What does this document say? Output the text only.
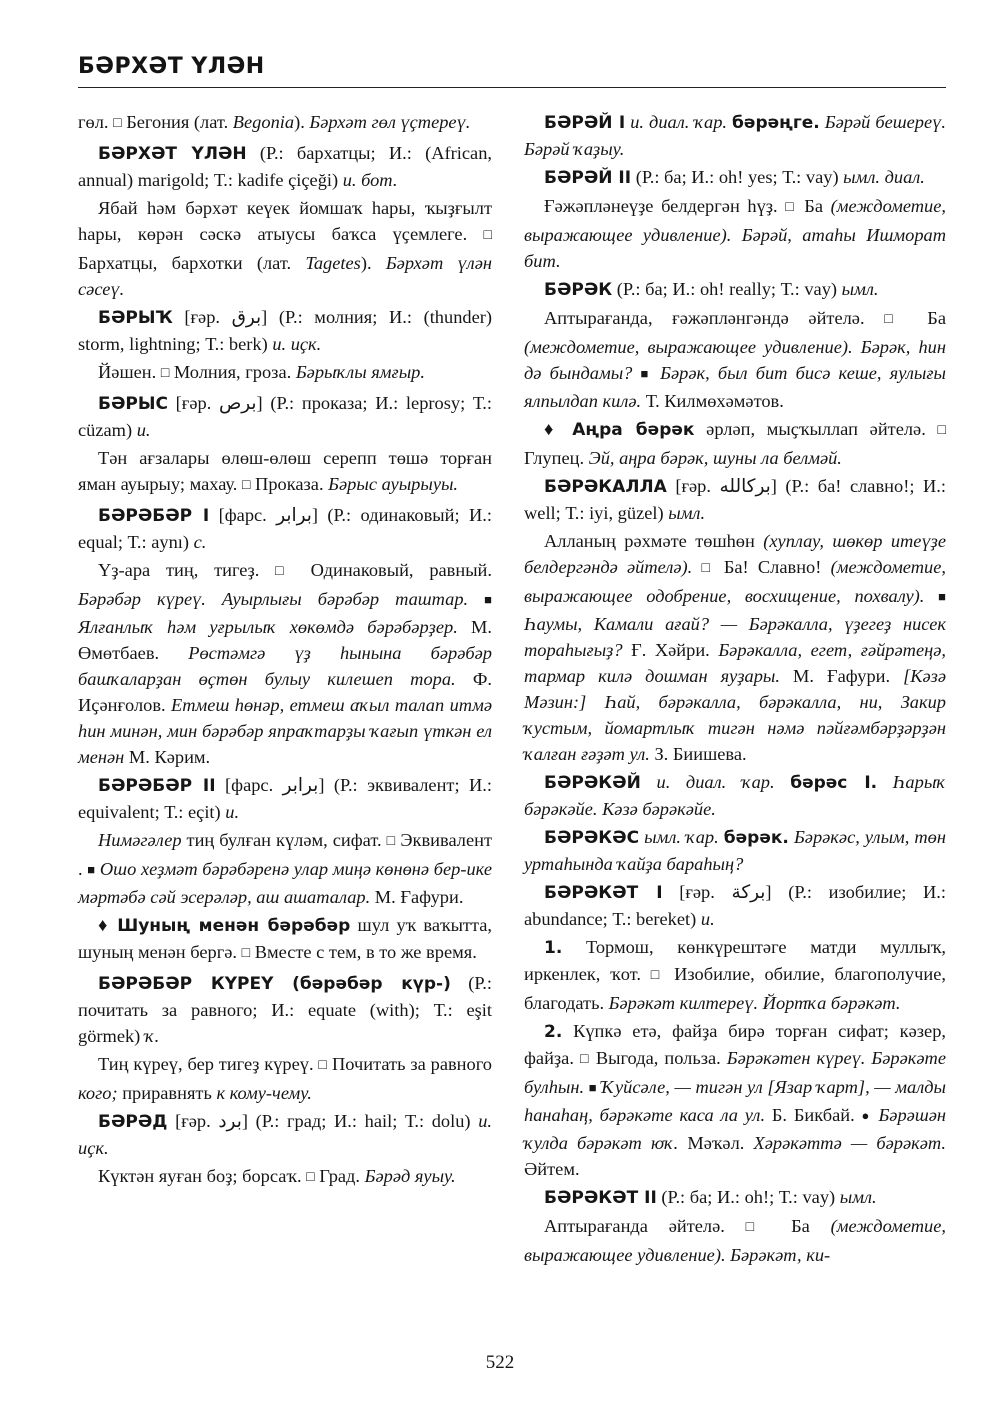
БӘРХӘТ ҮЛӘН

гөл. □ Бегония (лат. Begonia). Бәрхәт гөл үҫтереү.

БӘРХӘТ ҮЛӘН (Р.: бархатцы; И.: (African, annual) marigold; Т.: kadife çiçeği) и. бот.

Ябай һәм бәрхәт кеүек йомшаҡ һары, ҡыҙғылт һары, көрән сәскә атыусы баҡса үҫемлеге. □ Бархатцы, бархотки (лат. Tagetes). Бәрхәт үлән сәсеү.

БӘРЫҠ [ғәр. برق] (Р.: молния; И.: (thunder) storm, lightning; Т.: berk) и. иҫк.

Йәшен. □ Молния, гроза. Бәрыҡлы ямғыр.

БӘРЫС [ғәр. برص] (Р.: проказа; И.: leprosy; Т.: cüzam) и.

Тән ағзалары өлөш-өлөш серепп төшә торған яман ауырыу; махау. □ Проказа. Бәрыс ауырыуы.

БӘРӘБӘР I [фарс. برابر] (Р.: одинаковый; И.: equal; Т.: aynı) с.

Үҙ-ара тиң, тигеҙ. □ Одинаковый, равный. Бәрәбәр күреү. Ауырлығы бәрәбәр таштар. ■ Ялғанлыҡ һәм уғрылыҡ хөкөмдә бәрәбәрҙер. М. Өмөтбаев. Рөстәмгә үҙ һынына бәрәбәр башҡаларҙан өҫтөн булыу килешеп тора. Ф. Иҫәнғолов. Етмеш һөнәр, етмеш аҡыл талап итмә һин минән, мин бәрәбәр япраҡтарҙы ҡағып үткән ел менән М. Кәрим.

БӘРӘБӘР II [фарс. برابر] (Р.: эквивалент; И.: equivalent; Т.: eçit) и.

Нимәгәлер тиң булған күләм, сифат. □ Эквивалент . ■ Ошо хеҙмәт бәрәбәренә улар миңә көнөнә бер-ике мәртәбә сәй эсерәләр, аш ашаталар. М. Ғафури.

♦ Шуның менән бәрәбәр шул уҡ ваҡытта, шуның менән бергә. □ Вместе с тем, в то же время.

БӘРӘБӘР КҮРЕҮ (бәрәбәр күр-) (Р.: почитать за равного; И.: equate (with); Т.: eşit görmek) ҡ.

Тиң күреү, бер тигеҙ күреү. □ Почитать за равного кого; приравнять к кому-чему.

БӘРӘД [ғәр. برد] (Р.: град; И.: hail; Т.: dolu) и. иҫк.

Күктән яуған боҙ; борсаҡ. □ Град. Бәрәд яуыу.

БӘРӘЙ I и. диал. ҡар. бәрәңге. Бәрәй бешереү. Бәрәй ҡаҙыу.

БӘРӘЙ II (Р.: ба; И.: oh! yes; Т.: vay) ымл. диал.

Ғәжәпләнеүҙе белдергән һүҙ. □ Ба (междометие, выражающее удивление). Бәрәй, атаһы Ишморат бит.

БӘРӘК (Р.: ба; И.: oh! really; Т.: vay) ымл.

Аптырағанда, ғәжәпләнгәндә әйтелә. □ Ба (междометие, выражающее удивление). Бәрәк, һин дә бындамы? ■ Бәрәк, был бит бисә кеше, яулығы ялпылдап килә. Т. Килмөхәмәтов.

♦ Аңра бәрәк әрләп, мыҫҡыллап әйтелә. □ Глупец. Эй, аңра бәрәк, шуны ла белмәй.

БӘРӘКАЛЛА [ғәр. بركالله] (Р.: ба! славно!; И.: well; Т.: iyi, güzel) ымл.

Алланың рәхмәте төшһөн (хуплау, шөкөр итеүҙе белдергәндә әйтелә). □ Ба! Славно! (междометие, выражающее одобрение, восхищение, похвалу). ■ Һаумы, Камали ағай? — Бәрәкалла, үҙегеҙ нисек тораһығыҙ? Ғ. Хәйри. Бәрәкалла, егет, ғәйрәтеңә, тармар килә дошман яуҙары. М. Ғафури. [Кәзә Мәзин:] Һай, бәрәкалла, бәрәкалла, ни, Закир ҡустым, йомартлыҡ тигән нәмә пәйғәмбәрҙәрҙән ҡалған ғәҙәт ул. З. Биишева.

БӘРӘКӘЙ и. диал. ҡар. бәрәс I. Һарыҡ бәрәкәйе. Кәзә бәрәкәйе.

БӘРӘКӘС ымл. ҡар. бәрәк. Бәрәкәс, улым, төн уртаһында ҡайҙа бараһың?

БӘРӘКӘТ I [ғәр. بركة] (Р.: изобилие; И.: abundance; Т.: bereket) и.

1. Тормош, көнкүрештәге матди муллыҡ, иркенлек, ҡот. □ Изобилие, обилие, благополучие, благодать. Бәрәкәт килтереү. Йортҡа бәрәкәт.

2. Күпкә етә, файҙа бирә торған сифат; кәзер, файҙа. □ Выгода, польза. Бәрәкәтен күреү. Бәрәкәте булһын. ■ Ҡуйсәле, — тигән ул [Язар ҡарт], — малды һанаһаң, бәрәкәте каса ла ул. Б. Бикбай. ● Бәрәшән ҡулда бәрәкәт юҡ. Мәҡәл. Хәрәкәттә — бәрәкәт. Әйтем.

БӘРӘКӘТ II (Р.: ба; И.: oh!; Т.: vay) ымл.

Аптырағанда әйтелә. □ Ба (междометие, выражающее удивление). Бәрәкәт, ки-

522
